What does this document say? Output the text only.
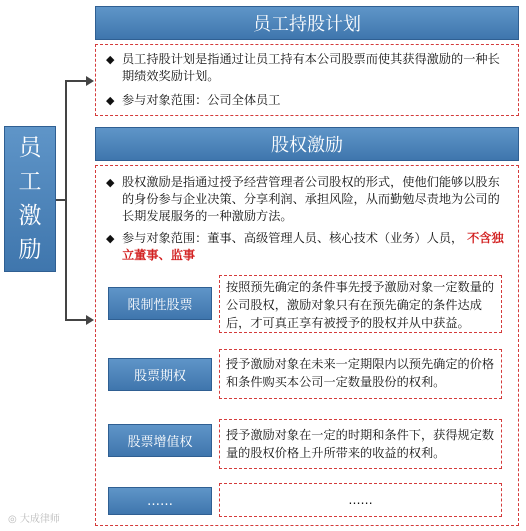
员
工
激
励
员工持股计划
◆ 员工持股计划是指通过让员工持有本公司股票而使其获得激励的一种长期绩效奖励计划。
◆ 参与对象范围：公司全体员工
股权激励
◆ 股权激励是指通过授予经营管理者公司股权的形式，使他们能够以股东的身份参与企业决策、分享利润、承担风险，从而勤勉尽责地为公司的长期发展服务的一种激励方法。
◆ 参与对象范围：董事、高级管理人员、核心技术（业务）人员， 不含独立董事、监事
限制性股票
按照预先确定的条件事先授予激励对象一定数量的公司股权，激励对象只有在预先确定的条件达成后，才可真正享有被授予的股权并从中获益。
股票期权
授予激励对象在未来一定期限内以预先确定的价格和条件购买本公司一定数量股份的权利。
股票增值权	授予激励对象在一定的时期和条件下，获得规定数量的股权价格上升所带来的收益的权利。
……	……
◎ 大成律师
